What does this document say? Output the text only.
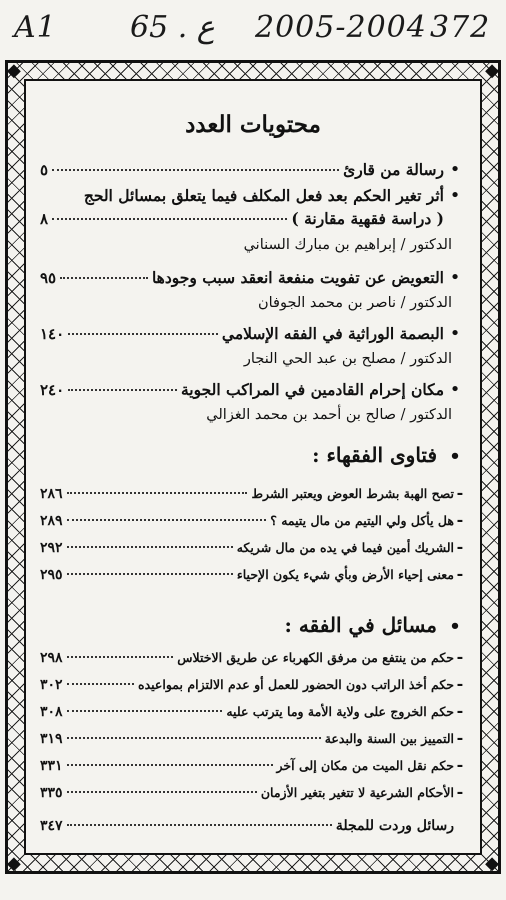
A1 65 . ع 2005-2004 372
◆	◆
◆	◆
محتويات العدد
•
رسالة من قارئ
٥
•
أثر تغير الحكم بعد فعل المكلف فيما يتعلق بمسائل الحج
( دراسة فقهية مقارنة )
٨
الدكتور / إبراهيم بن مبارك السناني
•
التعويض عن تفويت منفعة انعقد سبب وجودها
٩٥
الدكتور / ناصر بن محمد الجوفان
•
البصمة الوراثية في الفقه الإسلامي
١٤٠
الدكتور / مصلح بن عبد الحي النجار
•
مكان إحرام القادمين في المراكب الجوية
٢٤٠
الدكتور / صالح بن أحمد بن محمد الغزالي
• فتاوى الفقهاء :
-
تصح الهبة بشرط العوض ويعتبر الشرط
٢٨٦
-
هل يأكل ولي اليتيم من مال يتيمه ؟
٢٨٩
-
الشريك أمين فيما في يده من مال شريكه
٢٩٢
-
معنى إحياء الأرض وبأي شيء يكون الإحياء
٢٩٥
• مسائل في الفقه :
-
حكم من ينتفع من مرفق الكهرباء عن طريق الاختلاس
٢٩٨
-
حكم أخذ الراتب دون الحضور للعمل أو عدم الالتزام بمواعيده
٣٠٢
-
حكم الخروج على ولاية الأمة وما يترتب عليه
٣٠٨
-
التمييز بين السنة والبدعة
٣١٩
-
حكم نقل الميت من مكان إلى آخر
٣٣١
-
الأحكام الشرعية لا تتغير بتغير الأزمان
٣٣٥
رسائل وردت للمجلة
٣٤٧
